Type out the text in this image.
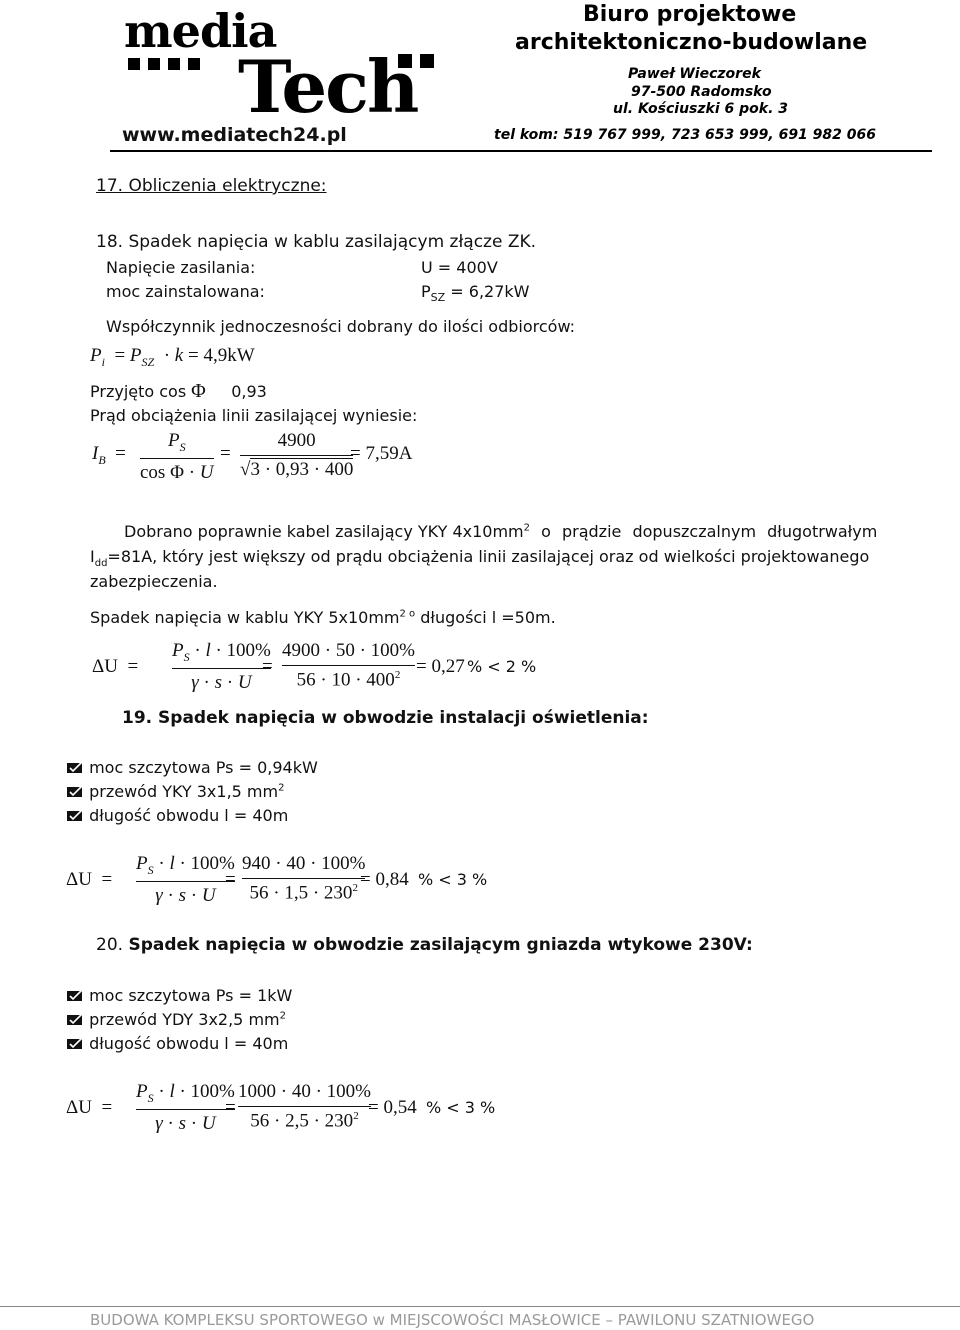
media
Tech
www.mediatech24.pl
Biuro projektowe
architektoniczno-budowlane
Paweł Wieczorek
97-500 Radomsko
ul. Kościuszki 6 pok. 3
tel kom: 519 767 999, 723 653 999, 691 982 066
17. Obliczenia elektryczne:
18. Spadek napięcia w kablu zasilającym złącze ZK.
Napięcie zasilania:	U = 400V
moc zainstalowana:	$P_{SZ} = 6,27kW$
Współczynnik jednoczesności dobrany do ilości odbiorców:
$P_i = P_{SZ} \cdot k = 4,9kW$
Przyjęto cos Φ 0,93
Prąd obciążenia linii zasilającej wyniesie:
$I_B$  =
$P_S$
cos Φ · U
=
4900
√3 · 0,93 · 400
= 7,59A
Dobrano poprawnie kabel zasilający YKY $4x10mm^2$ o prądzie dopuszczalnym długotrwałym
$I_{dd}=81A$, który jest większy od prądu obciążenia linii zasilającej oraz od wielkości projektowanego
zabezpieczenia.
Spadek napięcia w kablu YKY $5x10mm^{2 o}$ długości l =50m.
ΔU  =
$P_S \cdot l \cdot 100\%$
γ · s · U
=
4900 · 50 · 100%
$56 \cdot 10 \cdot 400^2 = 0,27$ % < 2 %
19. Spadek napięcia w obwodzie instalacji oświetlenia:
moc szczytowa Ps = 0,94kW
przewód YKY 3x1,5 $mm^2$
długość obwodu l = 40m
ΔU  =
$P_S \cdot l \cdot 100\%$
γ · s · U
=
940 · 40 · 100%
$56 \cdot 1,5 \cdot 230^2 = 0,84$ % < 3 %
20. Spadek napięcia w obwodzie zasilającym gniazda wtykowe 230V:
moc szczytowa Ps = 1kW
przewód YDY 3x2,5 $mm^2$
długość obwodu l = 40m
ΔU  =
$P_S \cdot l \cdot 100\%$
γ · s · U
=
1000 · 40 · 100%
$56 \cdot 2,5 \cdot 230^2 = 0,54$ % < 3 %
BUDOWA KOMPLEKSU SPORTOWEGO w MIEJSCOWOŚCI MASŁOWICE – PAWILONU SZATNIOWEGO
